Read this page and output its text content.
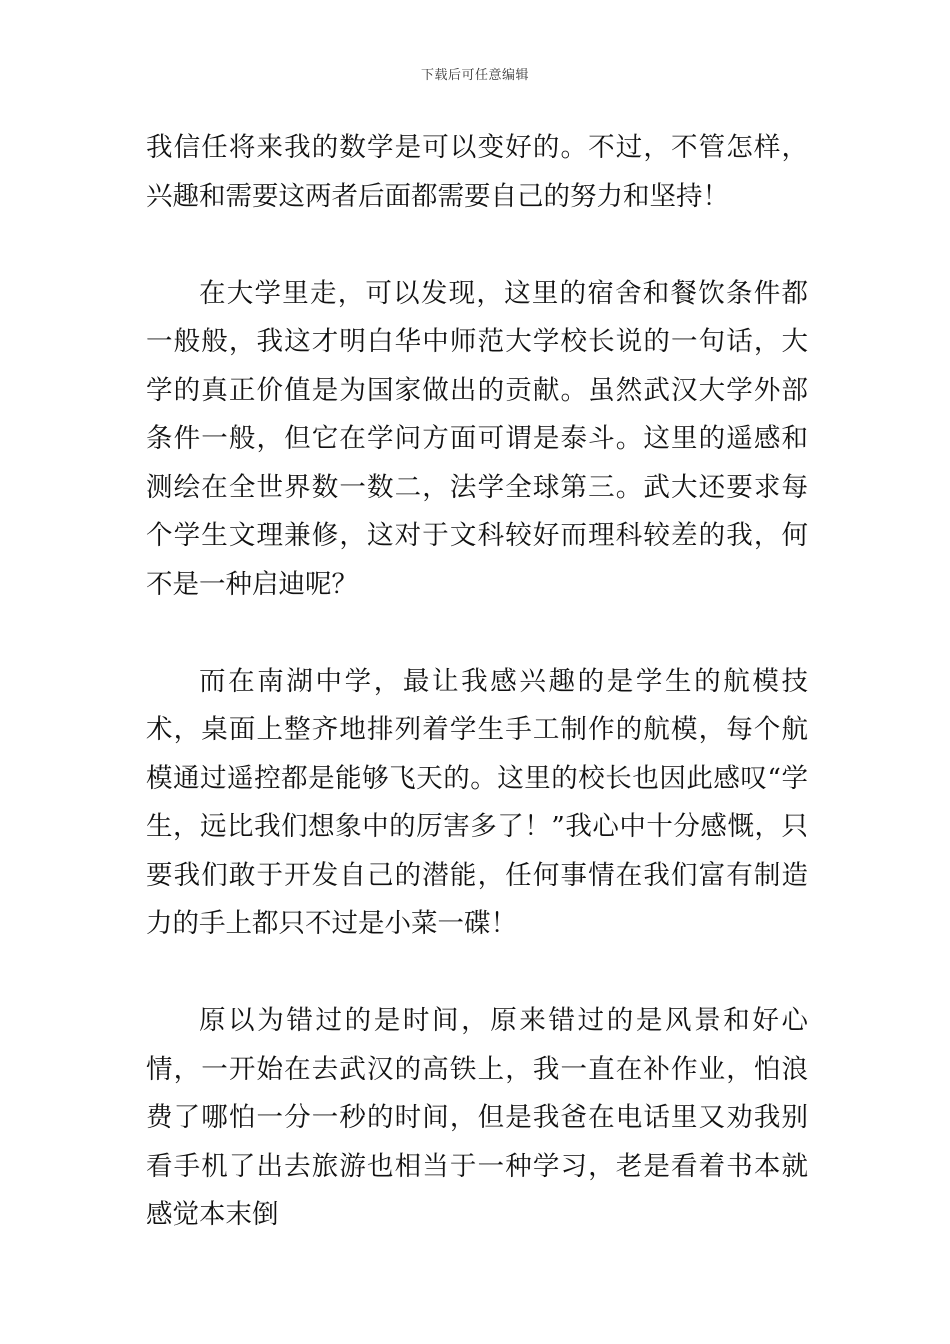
下载后可任意编辑

我信任将来我的数学是可以变好的。不过，不管怎样，兴趣和需要这两者后面都需要自己的努力和坚持！

在大学里走，可以发现，这里的宿舍和餐饮条件都一般般，我这才明白华中师范大学校长说的一句话，大学的真正价值是为国家做出的贡献。虽然武汉大学外部条件一般，但它在学问方面可谓是泰斗。这里的遥感和测绘在全世界数一数二，法学全球第三。武大还要求每个学生文理兼修，这对于文科较好而理科较差的我，何不是一种启迪呢？

而在南湖中学，最让我感兴趣的是学生的航模技术，桌面上整齐地排列着学生手工制作的航模，每个航模通过遥控都是能够飞天的。这里的校长也因此感叹“学生，远比我们想象中的厉害多了！”我心中十分感慨，只要我们敢于开发自己的潜能，任何事情在我们富有制造力的手上都只不过是小菜一碟！

原以为错过的是时间，原来错过的是风景和好心情，一开始在去武汉的高铁上，我一直在补作业，怕浪费了哪怕一分一秒的时间，但是我爸在电话里又劝我别看手机了出去旅游也相当于一种学习，老是看着书本就感觉本末倒
